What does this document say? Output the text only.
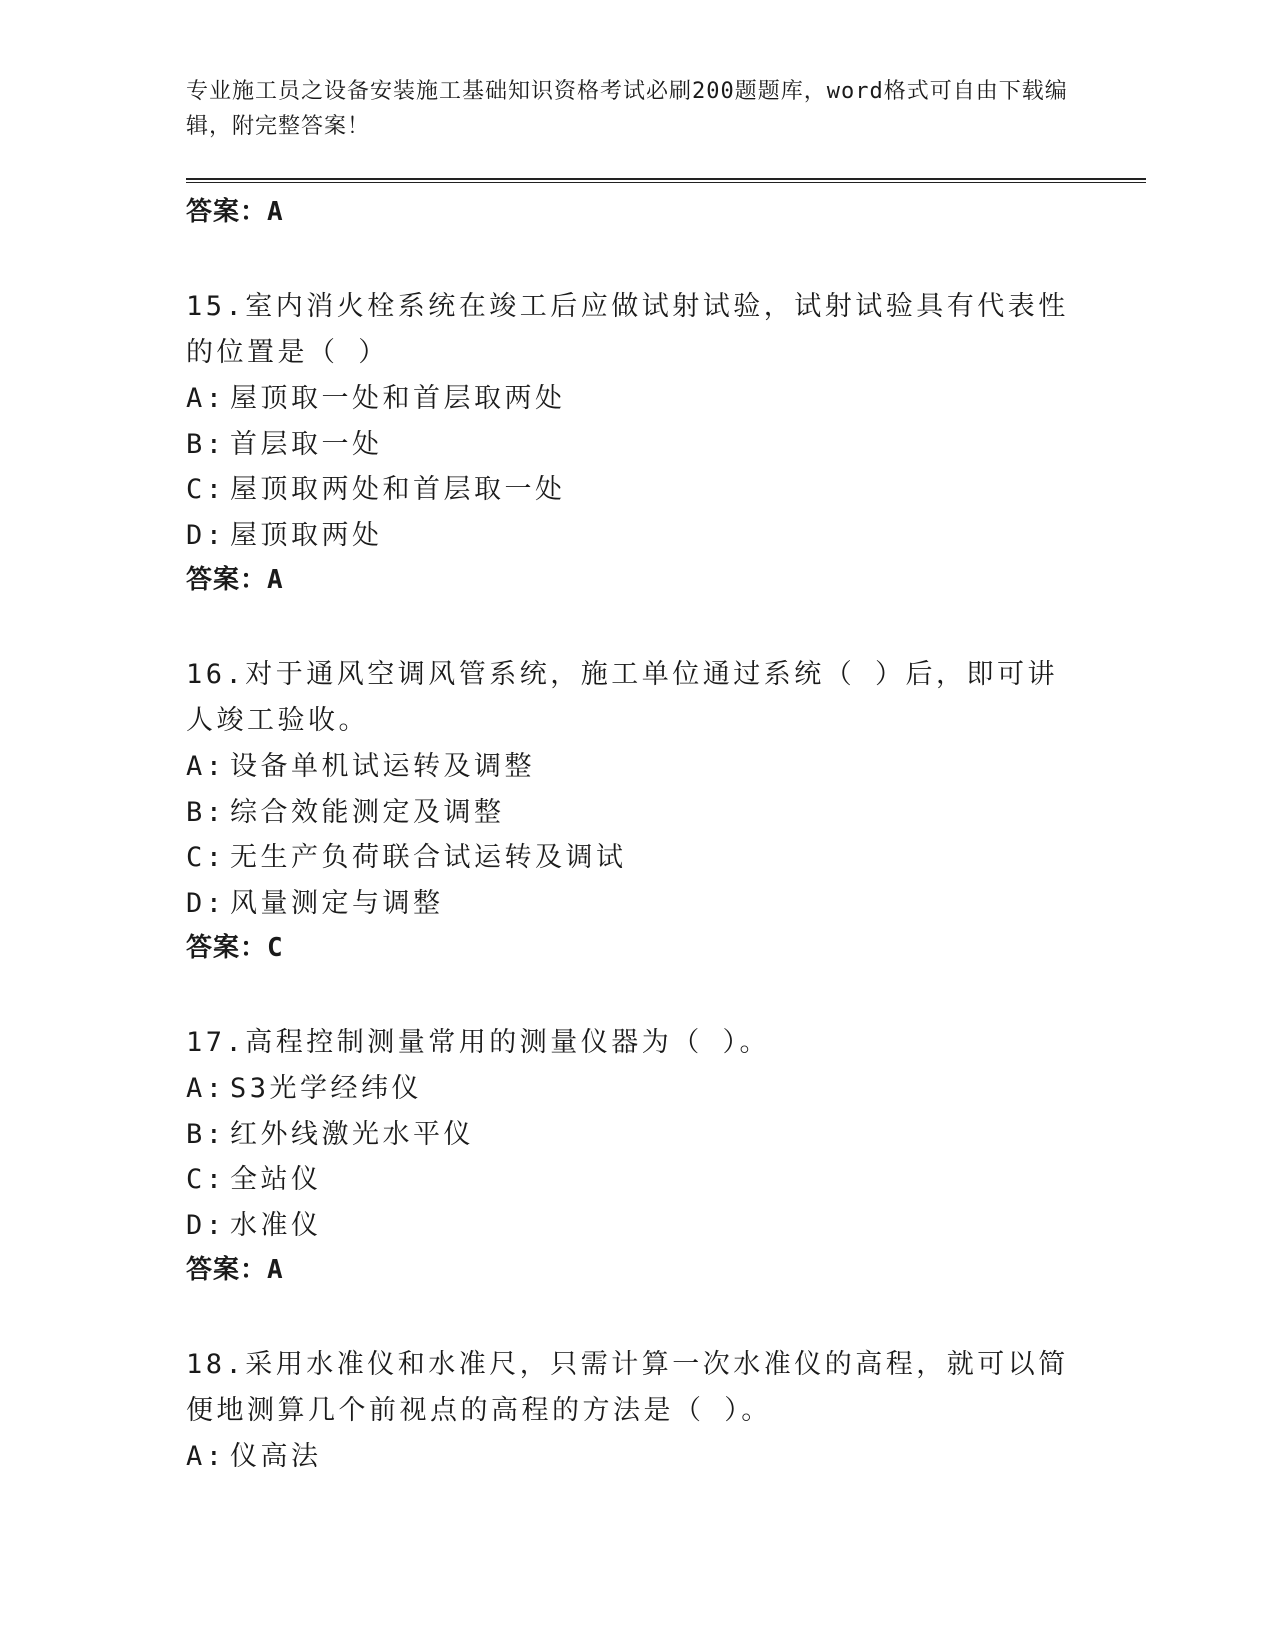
专业施工员之设备安装施工基础知识资格考试必刷200题题库，word格式可自由下载编辑，附完整答案！
答案：A
15.室内消火栓系统在竣工后应做试射试验，试射试验具有代表性的位置是（ ）
A: 屋顶取一处和首层取两处
B: 首层取一处
C: 屋顶取两处和首层取一处
D: 屋顶取两处
答案：A
16.对于通风空调风管系统，施工单位通过系统（ ）后，即可讲人竣工验收。
A: 设备单机试运转及调整
B: 综合效能测定及调整
C: 无生产负荷联合试运转及调试
D: 风量测定与调整
答案：C
17.高程控制测量常用的测量仪器为（ ）。
A: S3光学经纬仪
B: 红外线激光水平仪
C: 全站仪
D: 水准仪
答案：A
18.采用水准仪和水准尺，只需计算一次水准仪的高程，就可以简便地测算几个前视点的高程的方法是（ ）。
A: 仪高法
